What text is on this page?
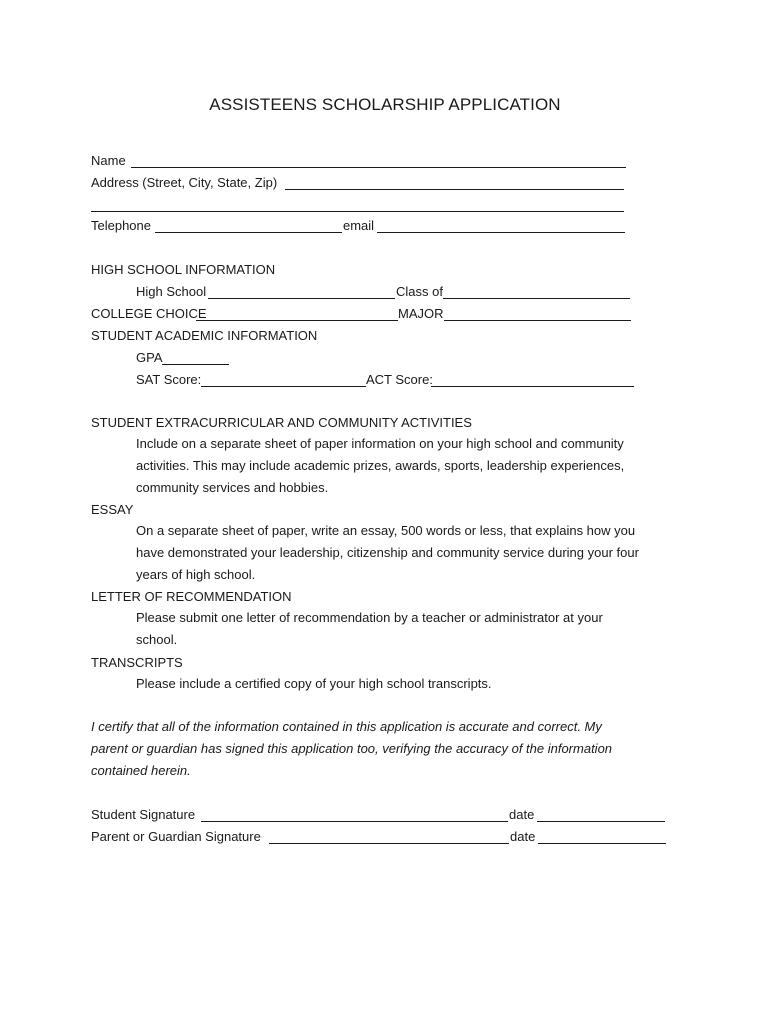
ASSISTEENS SCHOLARSHIP APPLICATION
Name
Address (Street, City, State, Zip)
Telephone	email
HIGH SCHOOL INFORMATION
High School	Class of
COLLEGE CHOICE	MAJOR
STUDENT ACADEMIC INFORMATION
GPA
SAT Score:	ACT Score:
STUDENT EXTRACURRICULAR AND COMMUNITY ACTIVITIES
Include on a separate sheet of paper information on your high school and community
activities. This may include academic prizes, awards, sports, leadership experiences,
community services and hobbies.
ESSAY
On a separate sheet of paper, write an essay, 500 words or less, that explains how you
have demonstrated your leadership, citizenship and community service during your four
years of high school.
LETTER OF RECOMMENDATION
Please submit one letter of recommendation by a teacher or administrator at your
school.
TRANSCRIPTS
Please include a certified copy of your high school transcripts.
I certify that all of the information contained in this application is accurate and correct. My
parent or guardian has signed this application too, verifying the accuracy of the information
contained herein.
Student Signature	date
Parent or Guardian Signature	date
